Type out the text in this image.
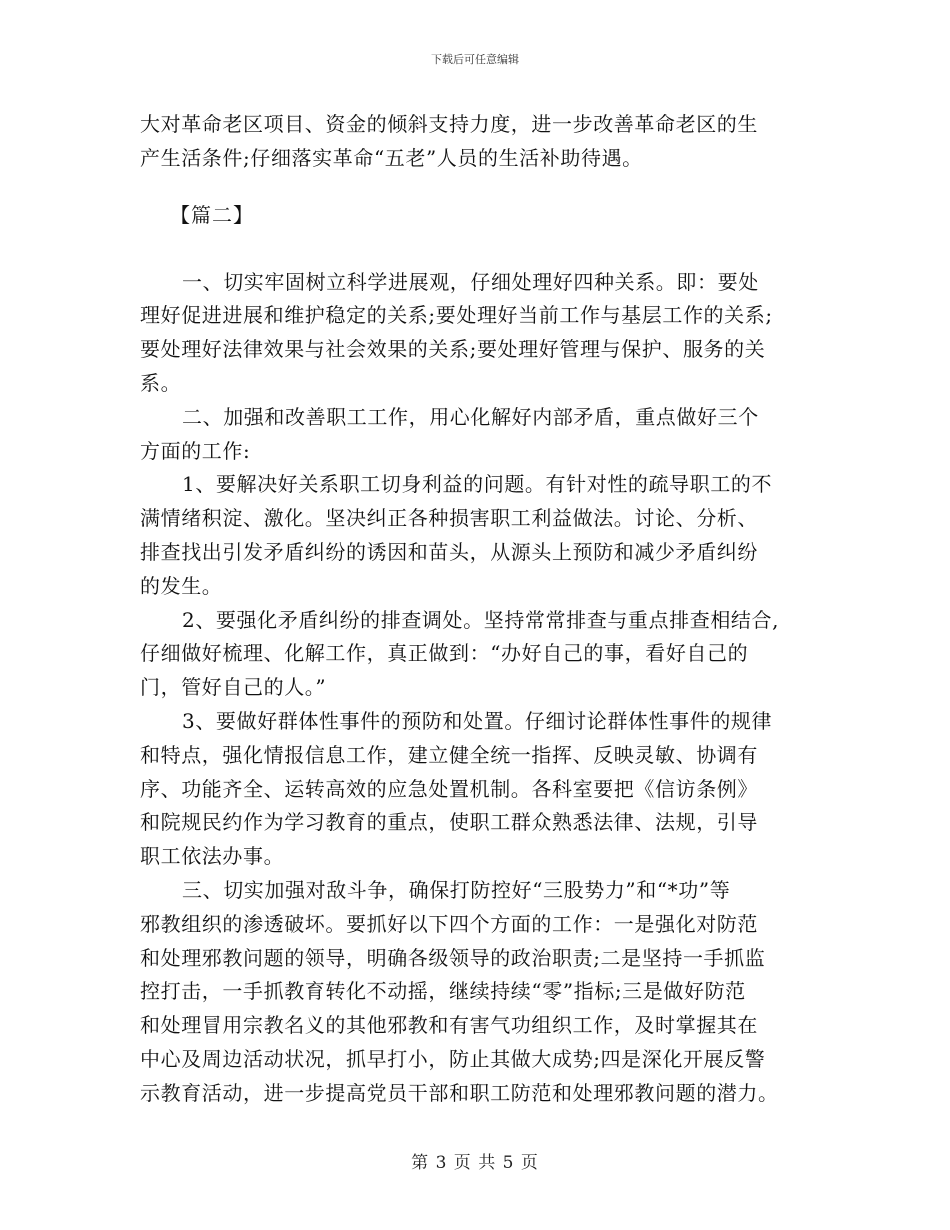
下载后可任意编辑
大对革命老区项目、资金的倾斜支持力度，进一步改善革命老区的生
产生活条件;仔细落实革命“五老”人员的生活补助待遇。
【篇二】
一、切实牢固树立科学进展观，仔细处理好四种关系。即：要处
理好促进进展和维护稳定的关系;要处理好当前工作与基层工作的关系;
要处理好法律效果与社会效果的关系;要处理好管理与保护、服务的关
系。
二、加强和改善职工工作，用心化解好内部矛盾，重点做好三个
方面的工作:
1、要解决好关系职工切身利益的问题。有针对性的疏导职工的不
满情绪积淀、激化。坚决纠正各种损害职工利益做法。讨论、分析、
排查找出引发矛盾纠纷的诱因和苗头，从源头上预防和减少矛盾纠纷
的发生。
2、要强化矛盾纠纷的排查调处。坚持常常排查与重点排查相结合,
仔细做好梳理、化解工作，真正做到：“办好自己的事，看好自己的
门，管好自己的人。”
3、要做好群体性事件的预防和处置。仔细讨论群体性事件的规律
和特点，强化情报信息工作，建立健全统一指挥、反映灵敏、协调有
序、功能齐全、运转高效的应急处置机制。各科室要把《信访条例》
和院规民约作为学习教育的重点，使职工群众熟悉法律、法规，引导
职工依法办事。
三、切实加强对敌斗争，确保打防控好“三股势力”和“*功”等
邪教组织的渗透破坏。要抓好以下四个方面的工作：一是强化对防范
和处理邪教问题的领导，明确各级领导的政治职责;二是坚持一手抓监
控打击，一手抓教育转化不动摇，继续持续“零”指标;三是做好防范
和处理冒用宗教名义的其他邪教和有害气功组织工作，及时掌握其在
中心及周边活动状况，抓早打小，防止其做大成势;四是深化开展反警
示教育活动，进一步提高党员干部和职工防范和处理邪教问题的潜力。
第 3 页 共 5 页
